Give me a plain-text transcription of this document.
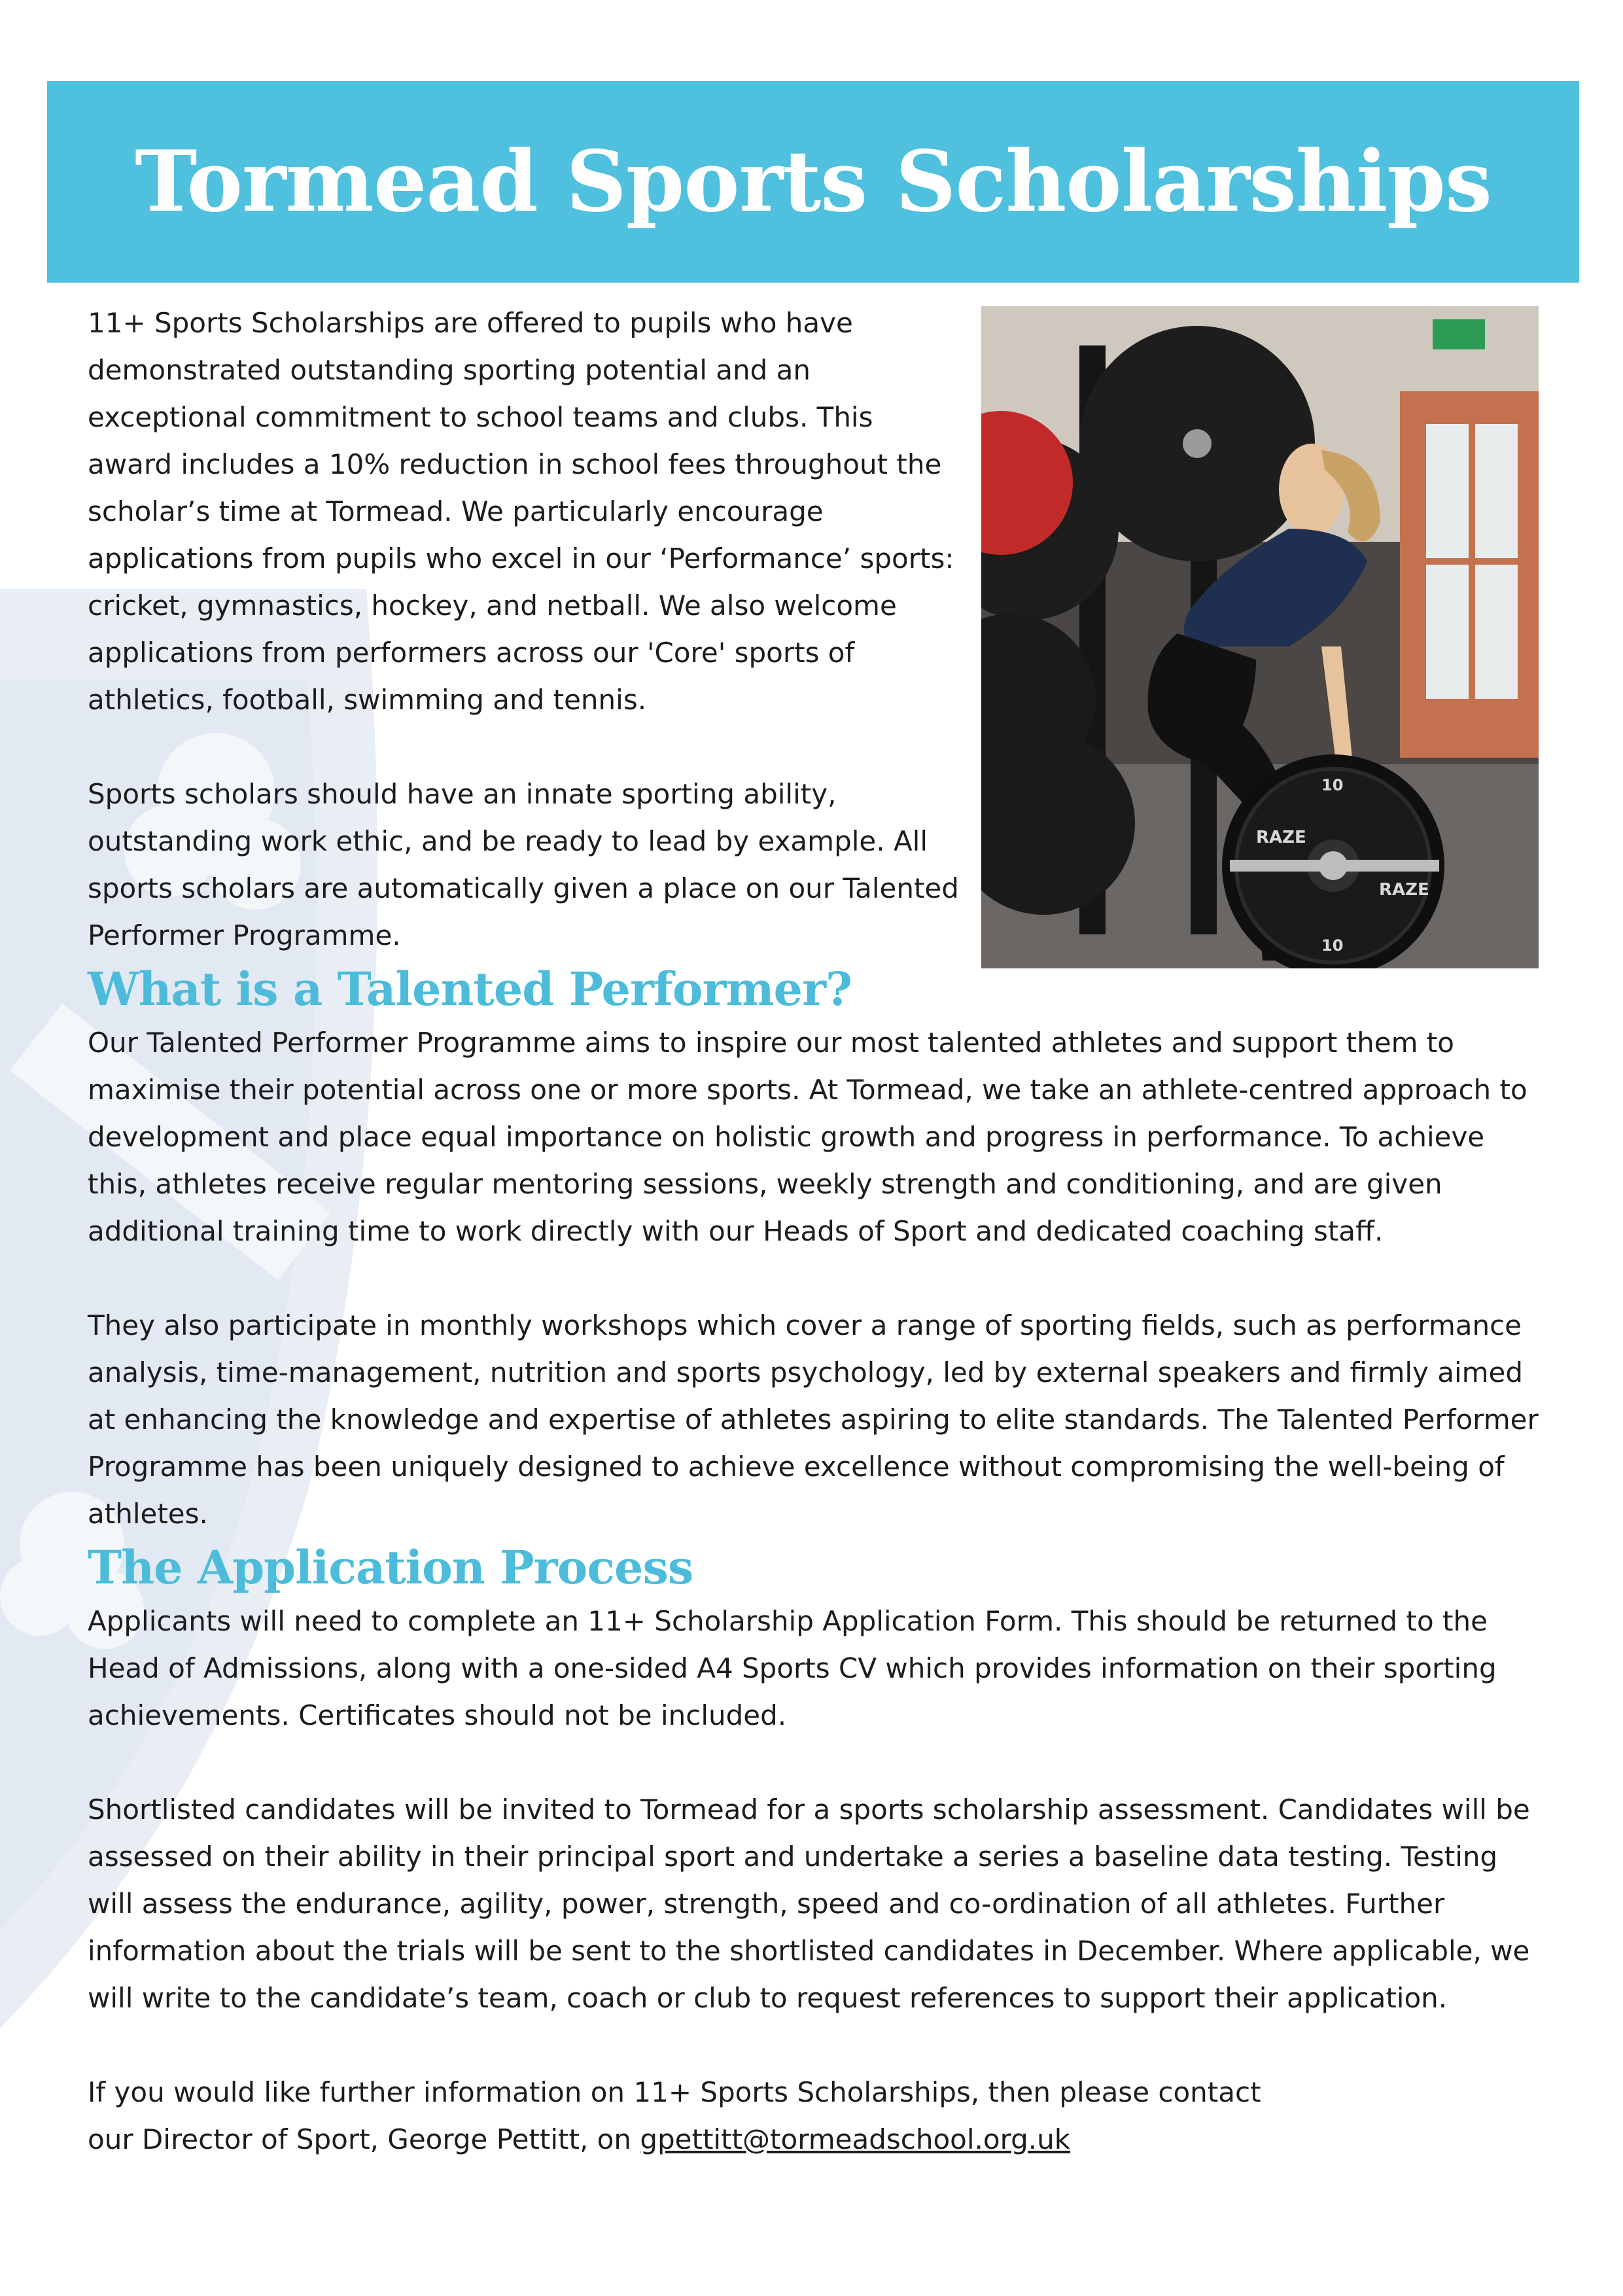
Tormead Sports Scholarships
RAZE
RAZE
10
10

11+ Sports Scholarships are offered to pupils who have demonstrated outstanding sporting potential and an exceptional commitment to school teams and clubs. This award includes a 10% reduction in school fees throughout the scholar’s time at Tormead. We particularly encourage applications from pupils who excel in our ‘Performance’ sports: cricket, gymnastics, hockey, and netball. We also welcome applications from performers across our 'Core' sports of athletics, football, swimming and tennis.

Sports scholars should have an innate sporting ability, outstanding work ethic, and be ready to lead by example. All sports scholars are automatically given a place on our Talented Performer Programme.

What is a Talented Performer?

Our Talented Performer Programme aims to inspire our most talented athletes and support them to maximise their potential across one or more sports. At Tormead, we take an athlete-centred approach to development and place equal importance on holistic growth and progress in performance. To achieve this, athletes receive regular mentoring sessions, weekly strength and conditioning, and are given additional training time to work directly with our Heads of Sport and dedicated coaching staff.

They also participate in monthly workshops which cover a range of sporting fields, such as performance analysis, time-management, nutrition and sports psychology, led by external speakers and firmly aimed at enhancing the knowledge and expertise of athletes aspiring to elite standards. The Talented Performer Programme has been uniquely designed to achieve excellence without compromising the well-being of athletes.

The Application Process

Applicants will need to complete an 11+ Scholarship Application Form. This should be returned to the Head of Admissions, along with a one-sided A4 Sports CV which provides information on their sporting achievements. Certificates should not be included.

Shortlisted candidates will be invited to Tormead for a sports scholarship assessment. Candidates will be assessed on their ability in their principal sport and undertake a series a baseline data testing. Testing will assess the endurance, agility, power, strength, speed and co-ordination of all athletes. Further information about the trials will be sent to the shortlisted candidates in December. Where applicable, we will write to the candidate’s team, coach or club to request references to support their application.

If you would like further information on 11+ Sports Scholarships, then please contact
our Director of Sport, George Pettitt, on gpettitt@tormeadschool.org.uk
